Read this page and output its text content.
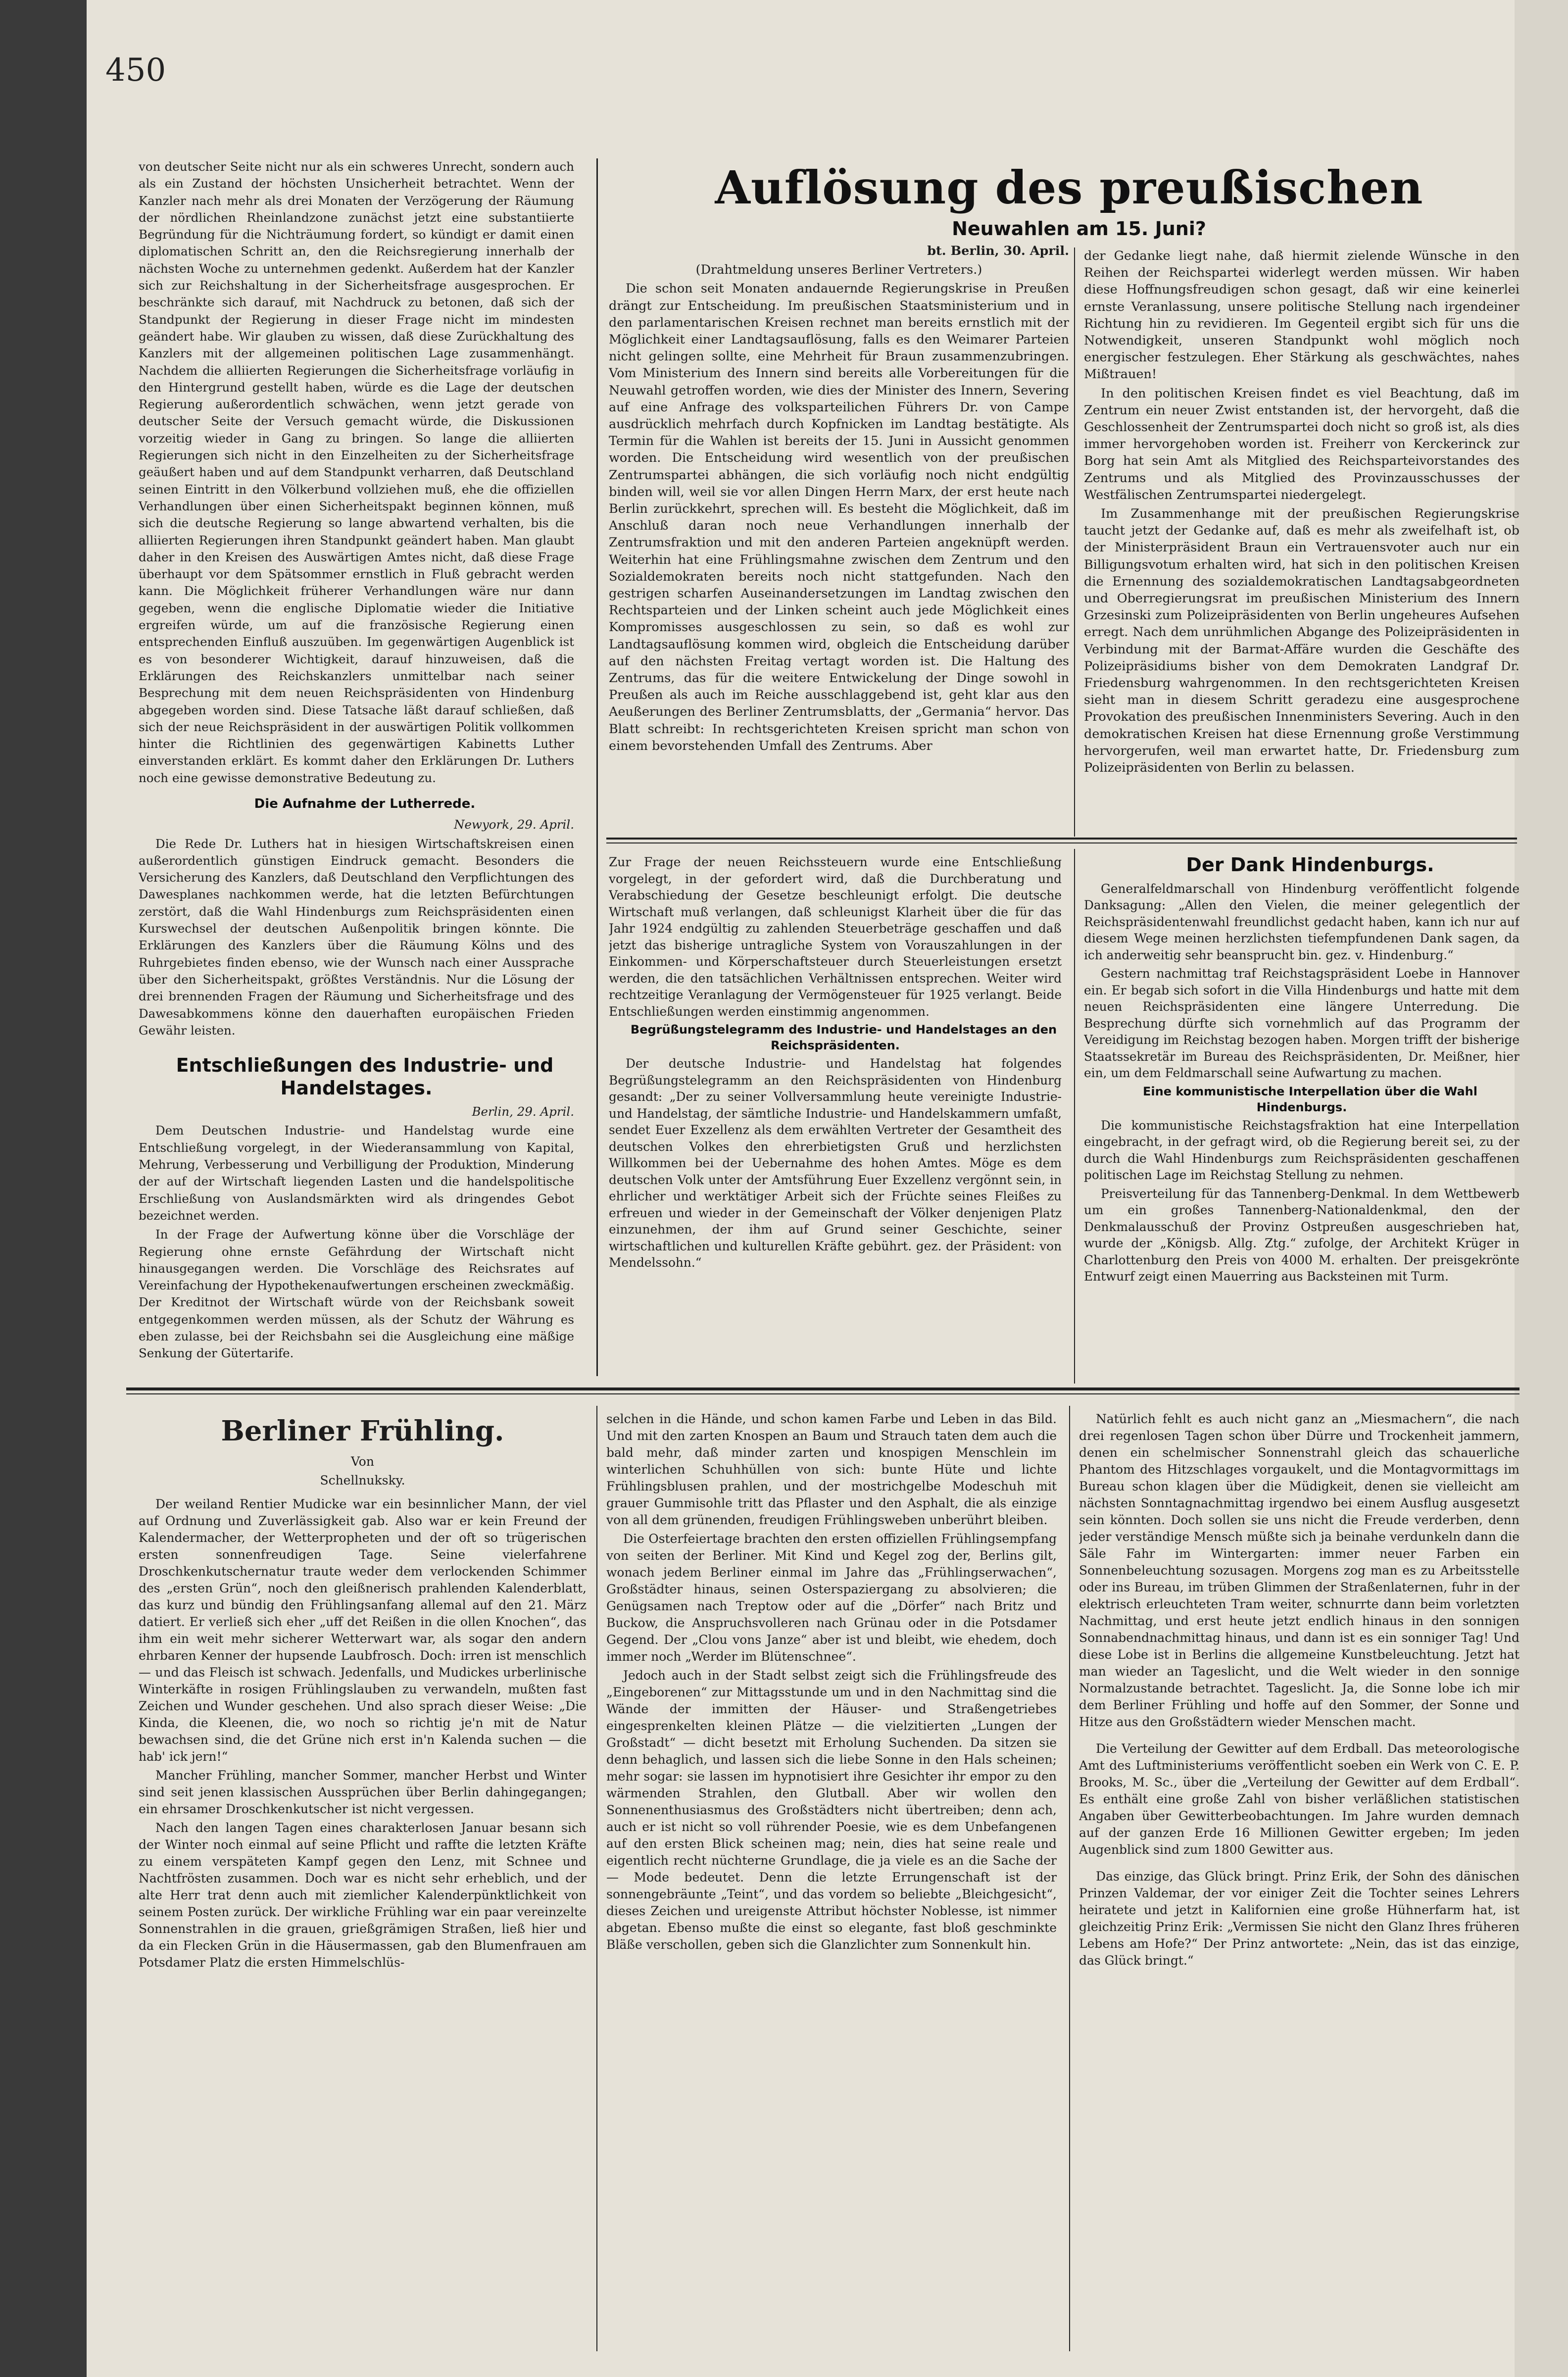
450

von deutscher Seite nicht nur als ein schweres Unrecht, sondern auch als ein Zustand der höchsten Unsicherheit betrachtet. Wenn der Kanzler nach mehr als drei Monaten der Verzögerung der Räumung der nördlichen Rheinlandzone zunächst jetzt eine substantiierte Begründung für die Nichträumung fordert, so kündigt er damit einen diplomatischen Schritt an, den die Reichsregierung innerhalb der nächsten Woche zu unternehmen gedenkt. Außerdem hat der Kanzler sich zur Reichshaltung in der Sicherheitsfrage ausgesprochen. Er beschränkte sich darauf, mit Nachdruck zu betonen, daß sich der Standpunkt der Regierung in dieser Frage nicht im mindesten geändert habe. Wir glauben zu wissen, daß diese Zurückhaltung des Kanzlers mit der allgemeinen politischen Lage zusammenhängt. Nachdem die alliierten Regierungen die Sicherheitsfrage vorläufig in den Hintergrund gestellt haben, würde es die Lage der deutschen Regierung außerordentlich schwächen, wenn jetzt gerade von deutscher Seite der Versuch gemacht würde, die Diskussionen vorzeitig wieder in Gang zu bringen. So lange die alliierten Regierungen sich nicht in den Einzelheiten zu der Sicherheitsfrage geäußert haben und auf dem Standpunkt verharren, daß Deutschland seinen Eintritt in den Völkerbund vollziehen muß, ehe die offiziellen Verhandlungen über einen Sicherheitspakt beginnen können, muß sich die deutsche Regierung so lange abwartend verhalten, bis die alliierten Regierungen ihren Standpunkt geändert haben. Man glaubt daher in den Kreisen des Auswärtigen Amtes nicht, daß diese Frage überhaupt vor dem Spätsommer ernstlich in Fluß gebracht werden kann. Die Möglichkeit früherer Verhandlungen wäre nur dann gegeben, wenn die englische Diplomatie wieder die Initiative ergreifen würde, um auf die französische Regierung einen entsprechenden Einfluß auszuüben. Im gegenwärtigen Augenblick ist es von besonderer Wichtigkeit, darauf hinzuweisen, daß die Erklärungen des Reichskanzlers unmittelbar nach seiner Besprechung mit dem neuen Reichspräsidenten von Hindenburg abgegeben worden sind. Diese Tatsache läßt darauf schließen, daß sich der neue Reichspräsident in der auswärtigen Politik vollkommen hinter die Richtlinien des gegenwärtigen Kabinetts Luther einverstanden erklärt. Es kommt daher den Erklärungen Dr. Luthers noch eine gewisse demonstrative Bedeutung zu.

Die Aufnahme der Lutherrede.

Newyork, 29. April.

Die Rede Dr. Luthers hat in hiesigen Wirtschaftskreisen einen außerordentlich günstigen Eindruck gemacht. Besonders die Versicherung des Kanzlers, daß Deutschland den Verpflichtungen des Dawesplanes nachkommen werde, hat die letzten Befürchtungen zerstört, daß die Wahl Hindenburgs zum Reichspräsidenten einen Kurswechsel der deutschen Außenpolitik bringen könnte. Die Erklärungen des Kanzlers über die Räumung Kölns und des Ruhrgebietes finden ebenso, wie der Wunsch nach einer Aussprache über den Sicherheitspakt, größtes Verständnis. Nur die Lösung der drei brennenden Fragen der Räumung und Sicherheitsfrage und des Dawesabkommens könne den dauerhaften europäischen Frieden Gewähr leisten.

Entschließungen des Industrie- und Handelstages.

Berlin, 29. April.

Dem Deutschen Industrie- und Handelstag wurde eine Entschließung vorgelegt, in der Wiederansammlung von Kapital, Mehrung, Verbesserung und Verbilligung der Produktion, Minderung der auf der Wirtschaft liegenden Lasten und die handelspolitische Erschließung von Auslandsmärkten wird als dringendes Gebot bezeichnet werden.

In der Frage der Aufwertung könne über die Vorschläge der Regierung ohne ernste Gefährdung der Wirtschaft nicht hinausgegangen werden. Die Vorschläge des Reichsrates auf Vereinfachung der Hypothekenaufwertungen erscheinen zweckmäßig. Der Kreditnot der Wirtschaft würde von der Reichsbank soweit entgegenkommen werden müssen, als der Schutz der Währung es eben zulasse, bei der Reichsbahn sei die Ausgleichung eine mäßige Senkung der Gütertarife.

Auflösung des preußischen
Neuwahlen am 15. Juni?

bt. Berlin, 30. April.

(Drahtmeldung unseres Berliner Vertreters.)

Die schon seit Monaten andauernde Regierungskrise in Preußen drängt zur Entscheidung. Im preußischen Staatsministerium und in den parlamentarischen Kreisen rechnet man bereits ernstlich mit der Möglichkeit einer Landtagsauflösung, falls es den Weimarer Parteien nicht gelingen sollte, eine Mehrheit für Braun zusammenzubringen. Vom Ministerium des Innern sind bereits alle Vorbereitungen für die Neuwahl getroffen worden, wie dies der Minister des Innern, Severing auf eine Anfrage des volksparteilichen Führers Dr. von Campe ausdrücklich mehrfach durch Kopfnicken im Landtag bestätigte. Als Termin für die Wahlen ist bereits der 15. Juni in Aussicht genommen worden. Die Entscheidung wird wesentlich von der preußischen Zentrumspartei abhängen, die sich vorläufig noch nicht endgültig binden will, weil sie vor allen Dingen Herrn Marx, der erst heute nach Berlin zurückkehrt, sprechen will. Es besteht die Möglichkeit, daß im Anschluß daran noch neue Verhandlungen innerhalb der Zentrumsfraktion und mit den anderen Parteien angeknüpft werden. Weiterhin hat eine Frühlingsmahne zwischen dem Zentrum und den Sozialdemokraten bereits noch nicht stattgefunden. Nach den gestrigen scharfen Auseinandersetzungen im Landtag zwischen den Rechtsparteien und der Linken scheint auch jede Möglichkeit eines Kompromisses ausgeschlossen zu sein, so daß es wohl zur Landtagsauflösung kommen wird, obgleich die Entscheidung darüber auf den nächsten Freitag vertagt worden ist. Die Haltung des Zentrums, das für die weitere Entwickelung der Dinge sowohl in Preußen als auch im Reiche ausschlaggebend ist, geht klar aus den Aeußerungen des Berliner Zentrumsblatts, der „Germania“ hervor. Das Blatt schreibt: In rechtsgerichteten Kreisen spricht man schon von einem bevorstehenden Umfall des Zentrums. Aber

der Gedanke liegt nahe, daß hiermit zielende Wünsche in den Reihen der Reichspartei widerlegt werden müssen. Wir haben diese Hoffnungsfreudigen schon gesagt, daß wir eine keinerlei ernste Veranlassung, unsere politische Stellung nach irgendeiner Richtung hin zu revidieren. Im Gegenteil ergibt sich für uns die Notwendigkeit, unseren Standpunkt wohl möglich noch energischer festzulegen. Eher Stärkung als geschwächtes, nahes Mißtrauen!

In den politischen Kreisen findet es viel Beachtung, daß im Zentrum ein neuer Zwist entstanden ist, der hervorgeht, daß die Geschlossenheit der Zentrumspartei doch nicht so groß ist, als dies immer hervorgehoben worden ist. Freiherr von Kerckerinck zur Borg hat sein Amt als Mitglied des Reichsparteivorstandes des Zentrums und als Mitglied des Provinzausschusses der Westfälischen Zentrumspartei niedergelegt.

Im Zusammenhange mit der preußischen Regierungskrise taucht jetzt der Gedanke auf, daß es mehr als zweifelhaft ist, ob der Ministerpräsident Braun ein Vertrauensvoter auch nur ein Billigungsvotum erhalten wird, hat sich in den politischen Kreisen die Ernennung des sozialdemokratischen Landtagsabgeordneten und Oberregierungsrat im preußischen Ministerium des Innern Grzesinski zum Polizeipräsidenten von Berlin ungeheures Aufsehen erregt. Nach dem unrühmlichen Abgange des Polizeipräsidenten in Verbindung mit der Barmat-Affäre wurden die Geschäfte des Polizeipräsidiums bisher von dem Demokraten Landgraf Dr. Friedensburg wahrgenommen. In den rechtsgerichteten Kreisen sieht man in diesem Schritt geradezu eine ausgesprochene Provokation des preußischen Innenministers Severing. Auch in den demokratischen Kreisen hat diese Ernennung große Verstimmung hervorgerufen, weil man erwartet hatte, Dr. Friedensburg zum Polizeipräsidenten von Berlin zu belassen.

Zur Frage der neuen Reichssteuern wurde eine Entschließung vorgelegt, in der gefordert wird, daß die Durchberatung und Verabschiedung der Gesetze beschleunigt erfolgt. Die deutsche Wirtschaft muß verlangen, daß schleunigst Klarheit über die für das Jahr 1924 endgültig zu zahlenden Steuerbeträge geschaffen und daß jetzt das bisherige untragliche System von Vorauszahlungen in der Einkommen- und Körperschaftsteuer durch Steuerleistungen ersetzt werden, die den tatsächlichen Verhältnissen entsprechen. Weiter wird rechtzeitige Veranlagung der Vermögensteuer für 1925 verlangt. Beide Entschließungen werden einstimmig angenommen.

Begrüßungstelegramm des Industrie- und Handelstages an den Reichspräsidenten.

Der deutsche Industrie- und Handelstag hat folgendes Begrüßungstelegramm an den Reichspräsidenten von Hindenburg gesandt: „Der zu seiner Vollversammlung heute vereinigte Industrie- und Handelstag, der sämtliche Industrie- und Handelskammern umfaßt, sendet Euer Exzellenz als dem erwählten Vertreter der Gesamtheit des deutschen Volkes den ehrerbietigsten Gruß und herzlichsten Willkommen bei der Uebernahme des hohen Amtes. Möge es dem deutschen Volk unter der Amtsführung Euer Exzellenz vergönnt sein, in ehrlicher und werktätiger Arbeit sich der Früchte seines Fleißes zu erfreuen und wieder in der Gemeinschaft der Völker denjenigen Platz einzunehmen, der ihm auf Grund seiner Geschichte, seiner wirtschaftlichen und kulturellen Kräfte gebührt. gez. der Präsident: von Mendelssohn.“

Der Dank Hindenburgs.

Generalfeldmarschall von Hindenburg veröffentlicht folgende Danksagung: „Allen den Vielen, die meiner gelegentlich der Reichspräsidentenwahl freundlichst gedacht haben, kann ich nur auf diesem Wege meinen herzlichsten tiefempfundenen Dank sagen, da ich anderweitig sehr beansprucht bin. gez. v. Hindenburg.“

Gestern nachmittag traf Reichstagspräsident Loebe in Hannover ein. Er begab sich sofort in die Villa Hindenburgs und hatte mit dem neuen Reichspräsidenten eine längere Unterredung. Die Besprechung dürfte sich vornehmlich auf das Programm der Vereidigung im Reichstag bezogen haben. Morgen trifft der bisherige Staatssekretär im Bureau des Reichspräsidenten, Dr. Meißner, hier ein, um dem Feldmarschall seine Aufwartung zu machen.

Eine kommunistische Interpellation über die Wahl Hindenburgs.

Die kommunistische Reichstagsfraktion hat eine Interpellation eingebracht, in der gefragt wird, ob die Regierung bereit sei, zu der durch die Wahl Hindenburgs zum Reichspräsidenten geschaffenen politischen Lage im Reichstag Stellung zu nehmen.

Preisverteilung für das Tannenberg-Denkmal. In dem Wettbewerb um ein großes Tannenberg-Nationaldenkmal, den der Denkmalausschuß der Provinz Ostpreußen ausgeschrieben hat, wurde der „Königsb. Allg. Ztg.“ zufolge, der Architekt Krüger in Charlottenburg den Preis von 4000 M. erhalten. Der preisgekrönte Entwurf zeigt einen Mauerring aus Backsteinen mit Turm.

Berliner Frühling.

Von

Schellnuksky.

Der weiland Rentier Mudicke war ein besinnlicher Mann, der viel auf Ordnung und Zuverlässigkeit gab. Also war er kein Freund der Kalendermacher, der Wetterpropheten und der oft so trügerischen ersten sonnenfreudigen Tage. Seine vielerfahrene Droschkenkutschernatur traute weder dem verlockenden Schimmer des „ersten Grün“, noch den gleißnerisch prahlenden Kalenderblatt, das kurz und bündig den Frühlingsanfang allemal auf den 21. März datiert. Er verließ sich eher „uff det Reißen in die ollen Knochen“, das ihm ein weit mehr sicherer Wetterwart war, als sogar den andern ehrbaren Kenner der hupsende Laubfrosch. Doch: irren ist menschlich — und das Fleisch ist schwach. Jedenfalls, und Mudickes urberlinische Winterkäfte in rosigen Frühlingslauben zu verwandeln, mußten fast Zeichen und Wunder geschehen. Und also sprach dieser Weise: „Die Kinda, die Kleenen, die, wo noch so richtig je'n mit de Natur bewachsen sind, die det Grüne nich erst in'n Kalenda suchen — die hab' ick jern!“

Mancher Frühling, mancher Sommer, mancher Herbst und Winter sind seit jenen klassischen Aussprüchen über Berlin dahingegangen; ein ehrsamer Droschkenkutscher ist nicht vergessen.

Nach den langen Tagen eines charakterlosen Januar besann sich der Winter noch einmal auf seine Pflicht und raffte die letzten Kräfte zu einem verspäteten Kampf gegen den Lenz, mit Schnee und Nachtfrösten zusammen. Doch war es nicht sehr erheblich, und der alte Herr trat denn auch mit ziemlicher Kalenderpünktlichkeit von seinem Posten zurück. Der wirkliche Frühling war ein paar vereinzelte Sonnenstrahlen in die grauen, grießgrämigen Straßen, ließ hier und da ein Flecken Grün in die Häusermassen, gab den Blumenfrauen am Potsdamer Platz die ersten Himmelschlüs-

selchen in die Hände, und schon kamen Farbe und Leben in das Bild. Und mit den zarten Knospen an Baum und Strauch taten dem auch die bald mehr, daß minder zarten und knospigen Menschlein im winterlichen Schuhhüllen von sich: bunte Hüte und lichte Frühlingsblusen prahlen, und der mostrichgelbe Modeschuh mit grauer Gummisohle tritt das Pflaster und den Asphalt, die als einzige von all dem grünenden, freudigen Frühlingsweben unberührt bleiben.

Die Osterfeiertage brachten den ersten offiziellen Frühlingsempfang von seiten der Berliner. Mit Kind und Kegel zog der, Berlins gilt, wonach jedem Berliner einmal im Jahre das „Frühlingserwachen“, Großstädter hinaus, seinen Osterspaziergang zu absolvieren; die Genügsamen nach Treptow oder auf die „Dörfer“ nach Britz und Buckow, die Anspruchsvolleren nach Grünau oder in die Potsdamer Gegend. Der „Clou vons Janze“ aber ist und bleibt, wie ehedem, doch immer noch „Werder im Blütenschnee“.

Jedoch auch in der Stadt selbst zeigt sich die Frühlingsfreude des „Eingeborenen“ zur Mittagsstunde um und in den Nachmittag sind die Wände der immitten der Häuser- und Straßengetriebes eingesprenkelten kleinen Plätze — die vielzitierten „Lungen der Großstadt“ — dicht besetzt mit Erholung Suchenden. Da sitzen sie denn behaglich, und lassen sich die liebe Sonne in den Hals scheinen; mehr sogar: sie lassen im hypnotisiert ihre Gesichter ihr empor zu den wärmenden Strahlen, den Glutball. Aber wir wollen den Sonnenenthusiasmus des Großstädters nicht übertreiben; denn ach, auch er ist nicht so voll rührender Poesie, wie es dem Unbefangenen auf den ersten Blick scheinen mag; nein, dies hat seine reale und eigentlich recht nüchterne Grundlage, die ja viele es an die Sache der — Mode bedeutet. Denn die letzte Errungenschaft ist der sonnengebräunte „Teint“, und das vordem so beliebte „Bleichgesicht“, dieses Zeichen und ureigenste Attribut höchster Noblesse, ist nimmer abgetan. Ebenso mußte die einst so elegante, fast bloß geschminkte Bläße verschollen, geben sich die Glanzlichter zum Sonnenkult hin.

Natürlich fehlt es auch nicht ganz an „Miesmachern“, die nach drei regenlosen Tagen schon über Dürre und Trockenheit jammern, denen ein schelmischer Sonnenstrahl gleich das schauerliche Phantom des Hitzschlages vorgaukelt, und die Montagvormittags im Bureau schon klagen über die Müdigkeit, denen sie vielleicht am nächsten Sonntagnachmittag irgendwo bei einem Ausflug ausgesetzt sein könnten. Doch sollen sie uns nicht die Freude verderben, denn jeder verständige Mensch müßte sich ja beinahe verdunkeln dann die Säle Fahr im Wintergarten: immer neuer Farben ein Sonnenbeleuchtung sozusagen. Morgens zog man es zu Arbeitsstelle oder ins Bureau, im trüben Glimmen der Straßenlaternen, fuhr in der elektrisch erleuchteten Tram weiter, schnurrte dann beim vorletzten Nachmittag, und erst heute jetzt endlich hinaus in den sonnigen Sonnabendnachmittag hinaus, und dann ist es ein sonniger Tag! Und diese Lobe ist in Berlins die allgemeine Kunstbeleuchtung. Jetzt hat man wieder an Tageslicht, und die Welt wieder in den sonnige Normalzustande betrachtet. Tageslicht. Ja, die Sonne lobe ich mir dem Berliner Frühling und hoffe auf den Sommer, der Sonne und Hitze aus den Großstädtern wieder Menschen macht.

Die Verteilung der Gewitter auf dem Erdball. Das meteorologische Amt des Luftministeriums veröffentlicht soeben ein Werk von C. E. P. Brooks, M. Sc., über die „Verteilung der Gewitter auf dem Erdball“. Es enthält eine große Zahl von bisher verläßlichen statistischen Angaben über Gewitterbeobachtungen. Im Jahre wurden demnach auf der ganzen Erde 16 Millionen Gewitter ergeben; Im jeden Augenblick sind zum 1800 Gewitter aus.

Das einzige, das Glück bringt. Prinz Erik, der Sohn des dänischen Prinzen Valdemar, der vor einiger Zeit die Tochter seines Lehrers heiratete und jetzt in Kalifornien eine große Hühnerfarm hat, ist gleichzeitig Prinz Erik: „Vermissen Sie nicht den Glanz Ihres früheren Lebens am Hofe?“ Der Prinz antwortete: „Nein, das ist das einzige, das Glück bringt.“
